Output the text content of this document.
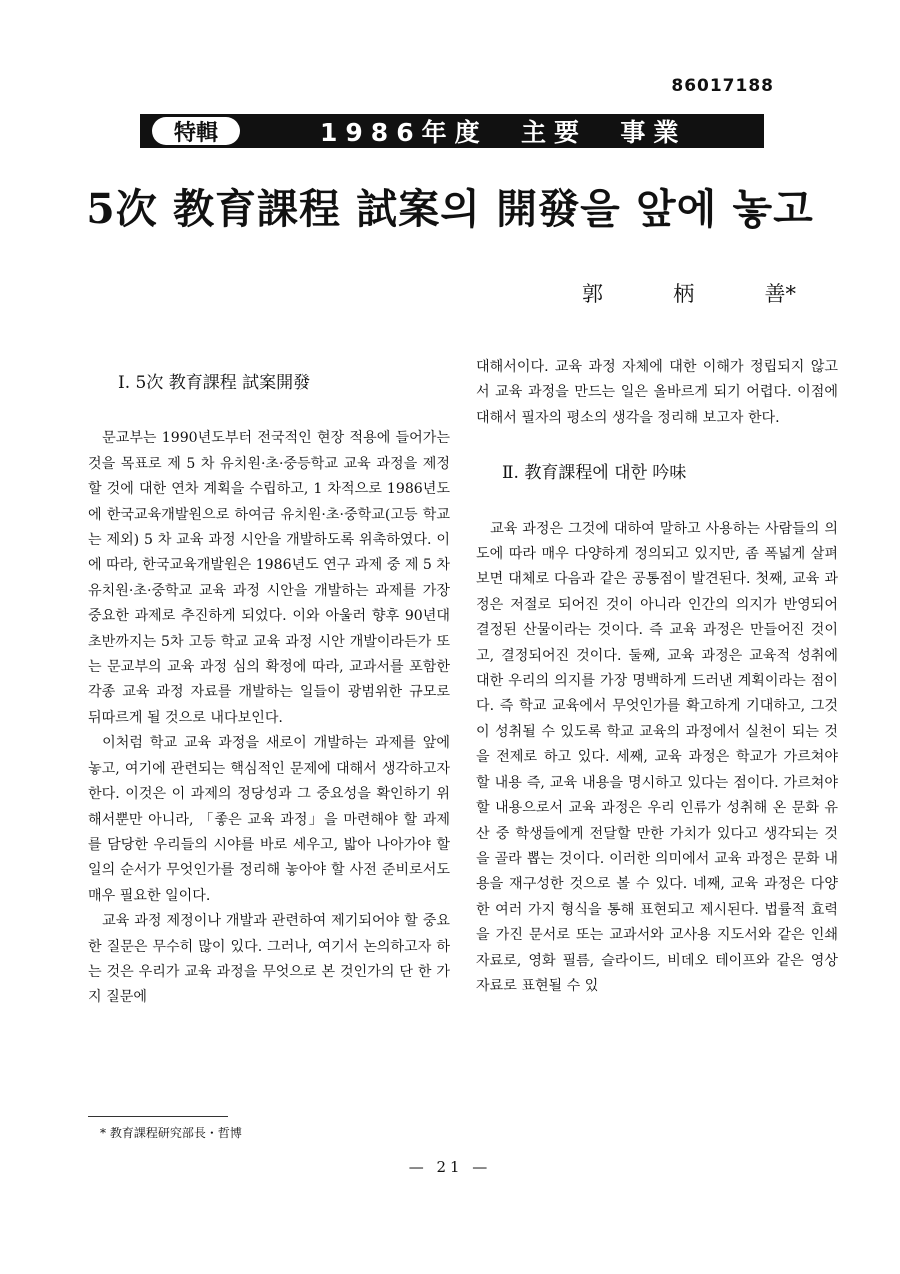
86017188
特輯	1986年度  主要  事業
5次 教育課程 試案의 開發을 앞에 놓고
郭	柄	善*
Ⅰ. 5次 教育課程 試案開發

문교부는 1990년도부터 전국적인 현장 적용에 들어가는 것을 목표로 제 5 차 유치원·초·중등학교 교육 과정을 제정할 것에 대한 연차 계획을 수립하고, 1 차적으로 1986년도에 한국교육개발원으로 하여금 유치원·초·중학교(고등 학교는 제외) 5 차 교육 과정 시안을 개발하도록 위촉하였다. 이에 따라, 한국교육개발원은 1986년도 연구 과제 중 제 5 차 유치원·초·중학교 교육 과정 시안을 개발하는 과제를 가장 중요한 과제로 추진하게 되었다. 이와 아울러 향후 90년대 초반까지는 5차 고등 학교 교육 과정 시안 개발이라든가 또는 문교부의 교육 과정 심의 확정에 따라, 교과서를 포함한 각종 교육 과정 자료를 개발하는 일들이 광범위한 규모로 뒤따르게 될 것으로 내다보인다.

이처럼 학교 교육 과정을 새로이 개발하는 과제를 앞에 놓고, 여기에 관련되는 핵심적인 문제에 대해서 생각하고자 한다. 이것은 이 과제의 정당성과 그 중요성을 확인하기 위해서뿐만 아니라, 「좋은 교육 과정」을 마련해야 할 과제를 담당한 우리들의 시야를 바로 세우고, 밟아 나아가야 할 일의 순서가 무엇인가를 정리해 놓아야 할 사전 준비로서도 매우 필요한 일이다.

교육 과정 제정이나 개발과 관련하여 제기되어야 할 중요한 질문은 무수히 많이 있다. 그러나, 여기서 논의하고자 하는 것은 우리가 교육 과정을 무엇으로 본 것인가의 단 한 가지 질문에

대해서이다. 교육 과정 자체에 대한 이해가 정립되지 않고서 교육 과정을 만드는 일은 올바르게 되기 어렵다. 이점에 대해서 필자의 평소의 생각을 정리해 보고자 한다.

Ⅱ. 教育課程에 대한 吟味

교육 과정은 그것에 대하여 말하고 사용하는 사람들의 의도에 따라 매우 다양하게 정의되고 있지만, 좀 폭넓게 살펴보면 대체로 다음과 같은 공통점이 발견된다. 첫째, 교육 과정은 저절로 되어진 것이 아니라 인간의 의지가 반영되어 결정된 산물이라는 것이다. 즉 교육 과정은 만들어진 것이고, 결정되어진 것이다. 둘째, 교육 과정은 교육적 성취에 대한 우리의 의지를 가장 명백하게 드러낸 계획이라는 점이다. 즉 학교 교육에서 무엇인가를 확고하게 기대하고, 그것이 성취될 수 있도록 학교 교육의 과정에서 실천이 되는 것을 전제로 하고 있다. 세째, 교육 과정은 학교가 가르쳐야 할 내용 즉, 교육 내용을 명시하고 있다는 점이다. 가르쳐야 할 내용으로서 교육 과정은 우리 인류가 성취해 온 문화 유산 중 학생들에게 전달할 만한 가치가 있다고 생각되는 것을 골라 뽑는 것이다. 이러한 의미에서 교육 과정은 문화 내용을 재구성한 것으로 볼 수 있다. 네째, 교육 과정은 다양한 여러 가지 형식을 통해 표현되고 제시된다. 법률적 효력을 가진 문서로 또는 교과서와 교사용 지도서와 같은 인쇄 자료로, 영화 필름, 슬라이드, 비데오 테이프와 같은 영상 자료로 표현될 수 있

* 教育課程研究部長・哲博
— 21 —
